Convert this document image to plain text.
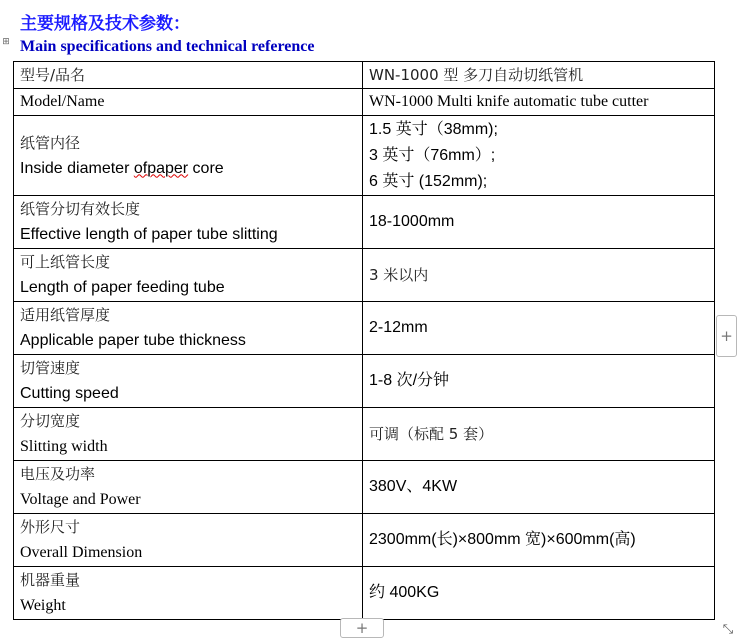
⊞
主要规格及技术参数：
Main specifications and technical reference
型号/品名	WN-1000 型 多刀自动切纸管机

Model/Name	WN-1000 Multi knife automatic tube cutter

纸管内径
Inside diameter ofpaper core	1.5 英寸（38mm);
3 英寸（76mm）;
6 英寸 (152mm);

纸管分切有效长度
Effective length of paper tube slitting	18-1000mm

可上纸管长度
Length of paper feeding tube	3 米以内

适用纸管厚度
Applicable paper tube thickness	2-12mm

切管速度
Cutting speed	1-8 次/分钟

分切宽度
Slitting width	可调（标配 5 套）

电压及功率
Voltage and Power	380V、4KW

外形尺寸
Overall Dimension	2300mm(长)×800mm 宽)×600mm(高)

机器重量
Weight	约 400KG
+
+	⤡
